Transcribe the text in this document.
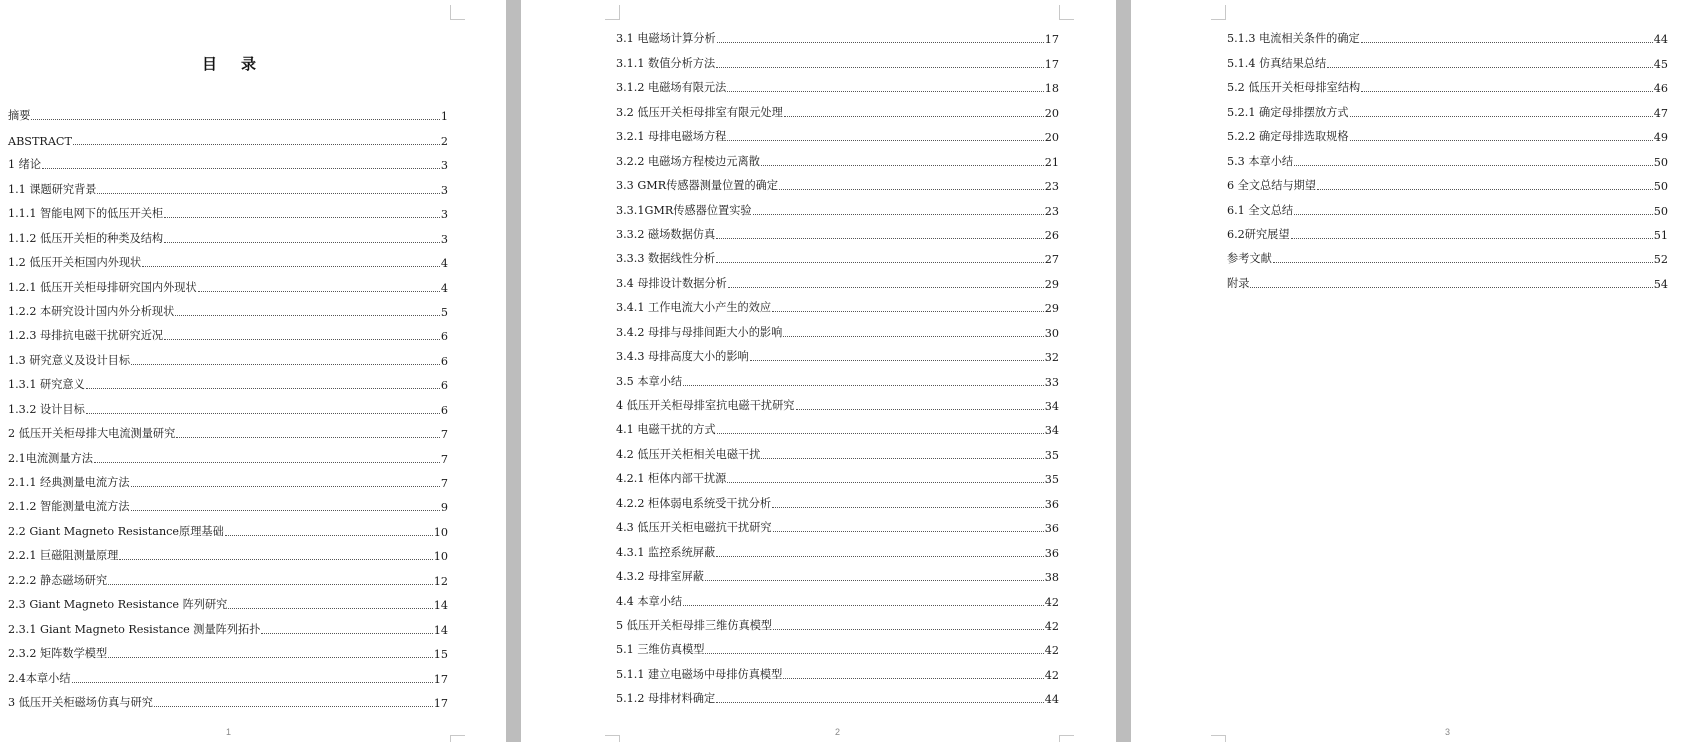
目 录
摘要	1
ABSTRACT	2
1 绪论	3
1.1 课题研究背景	3
1.1.1 智能电网下的低压开关柜	3
1.1.2 低压开关柜的种类及结构	3
1.2 低压开关柜国内外现状	4
1.2.1 低压开关柜母排研究国内外现状	4
1.2.2 本研究设计国内外分析现状	5
1.2.3 母排抗电磁干扰研究近况	6
1.3 研究意义及设计目标	6
1.3.1 研究意义	6
1.3.2 设计目标	6
2 低压开关柜母排大电流测量研究	7
2.1电流测量方法	7
2.1.1 经典测量电流方法	7
2.1.2 智能测量电流方法	9
2.2 Giant Magneto Resistance原理基础	10
2.2.1 巨磁阻测量原理	10
2.2.2 静态磁场研究	12
2.3 Giant Magneto Resistance 阵列研究	14
2.3.1 Giant Magneto Resistance 测量阵列拓扑	14
2.3.2 矩阵数学模型	15
2.4本章小结	17
3 低压开关柜磁场仿真与研究	17
1
3.1 电磁场计算分析	17
3.1.1 数值分析方法	17
3.1.2 电磁场有限元法	18
3.2 低压开关柜母排室有限元处理	20
3.2.1 母排电磁场方程	20
3.2.2 电磁场方程棱边元离散	21
3.3 GMR传感器测量位置的确定	23
3.3.1GMR传感器位置实验	23
3.3.2 磁场数据仿真	26
3.3.3 数据线性分析	27
3.4 母排设计数据分析	29
3.4.1 工作电流大小产生的效应	29
3.4.2 母排与母排间距大小的影响	30
3.4.3 母排高度大小的影响	32
3.5 本章小结	33
4 低压开关柜母排室抗电磁干扰研究	34
4.1 电磁干扰的方式	34
4.2 低压开关柜相关电磁干扰	35
4.2.1 柜体内部干扰源	35
4.2.2 柜体弱电系统受干扰分析	36
4.3 低压开关柜电磁抗干扰研究	36
4.3.1 监控系统屏蔽	36
4.3.2 母排室屏蔽	38
4.4 本章小结	42
5 低压开关柜母排三维仿真模型	42
5.1 三维仿真模型	42
5.1.1 建立电磁场中母排仿真模型	42
5.1.2 母排材料确定	44
2
5.1.3 电流相关条件的确定	44
5.1.4 仿真结果总结	45
5.2 低压开关柜母排室结构	46
5.2.1 确定母排摆放方式	47
5.2.2 确定母排选取规格	49
5.3 本章小结	50
6 全文总结与期望	50
6.1 全文总结	50
6.2研究展望	51
参考文献	52
附录	54
3
